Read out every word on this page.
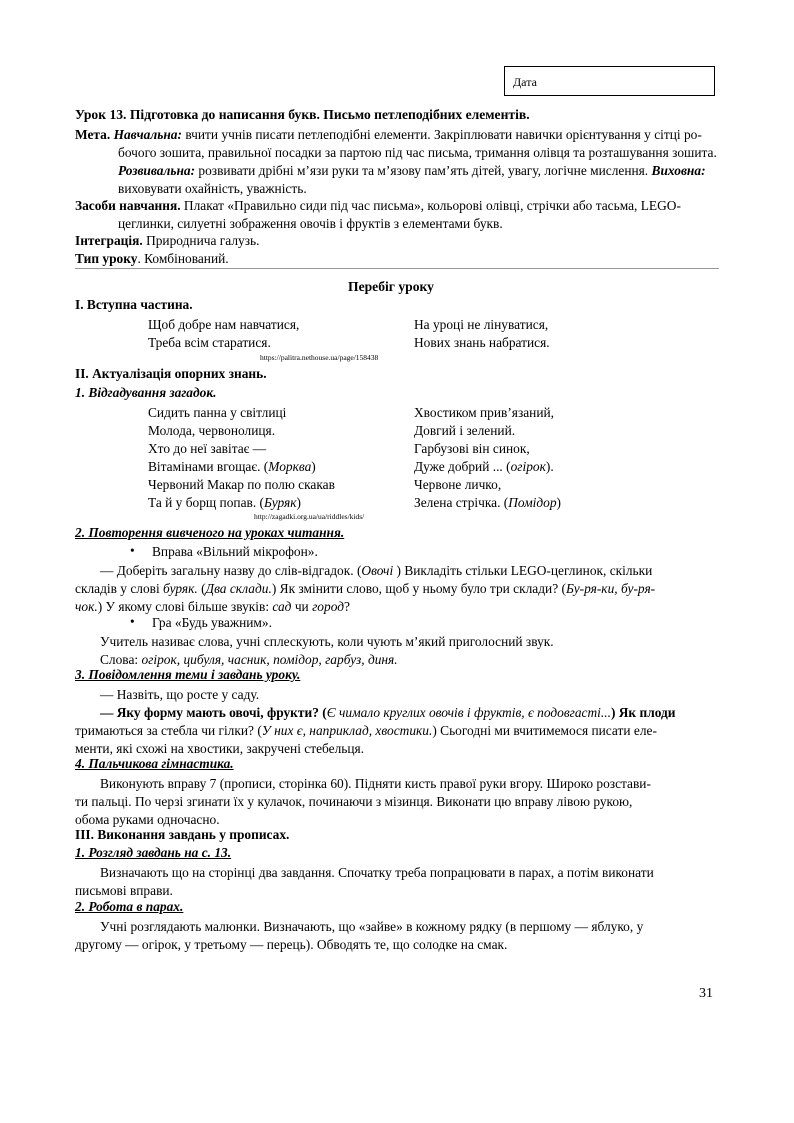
Дата
Урок 13. Підготовка до написання букв. Письмо петлеподібних елементів.
Мета. Навчальна: вчити учнів писати петлеподібні елементи. Закріплювати навички орієнтування у сітці ро-
бочого зошита, правильної посадки за партою під час письма, тримання олівця та розташування зошита.
Розвивальна: розвивати дрібні м’язи руки та м’язову пам’ять дітей, увагу, логічне мислення. Виховна:
виховувати охайність, уважність.
Засоби навчання. Плакат «Правильно сиди під час письма», кольорові олівці, стрічки або тасьма, LEGO-
цеглинки, силуетні зображення овочів і фруктів з елементами букв.
Інтеграція. Природнича галузь.
Тип уроку. Комбінований.
Перебіг уроку
I. Вступна частина.
Щоб добре нам навчатися,
Треба всім старатися.
На уроці не лінуватися,
Нових знань набратися.
https://palitra.nethouse.ua/page/158438
II. Актуалізація опорних знань.
1. Відгадування загадок.
Сидить панна у світлиці
Молода, червонолиця.
Хто до неї завітає —
Вітамінами вгощає. (Морква)
Червоний Макар по полю скакав
Та й у борщ попав. (Буряк)
Хвостиком прив’язаний,
Довгий і зелений.
Гарбузові він синок,
Дуже добрий ... (огірок).
Червоне личко,
Зелена стрічка. (Помідор)
http://zagadki.org.ua/ua/riddles/kids/
2. Повторення вивченого на уроках читання.
• Вправа «Вільний мікрофон».
— Доберіть загальну назву до слів-відгадок. (Овочі ) Викладіть стільки LEGO-цеглинок, скільки
складів у слові буряк. (Два склади.) Як змінити слово, щоб у ньому було три склади? (Бу-ря-ки, бу-ря-
чок.) У якому слові більше звуків: сад чи город?
• Гра «Будь уважним».
Учитель називає слова, учні сплескують, коли чують м’який приголосний звук.
Слова: огірок, цибуля, часник, помідор, гарбуз, диня.
3. Повідомлення теми і завдань уроку.
— Назвіть, що росте у саду.
— Яку форму мають овочі, фрукти? (Є чимало круглих овочів і фруктів, є подовгасті...) Як плоди
тримаються за стебла чи гілки? (У них є, наприклад, хвостики.) Сьогодні ми вчитимемося писати еле-
менти, які схожі на хвостики, закручені стебельця.
4. Пальчикова гімнастика.
Виконують вправу 7 (прописи, сторінка 60). Підняти кисть правої руки вгору. Широко розстави-
ти пальці. По черзі згинати їх у кулачок, починаючи з мізинця. Виконати цю вправу лівою рукою,
обома руками одночасно.
III. Виконання завдань у прописах.
1. Розгляд завдань на с. 13.
Визначають що на сторінці два завдання. Спочатку треба попрацювати в парах, а потім виконати
письмові вправи.
2. Робота в парах.
Учні розглядають малюнки. Визначають, що «зайве» в кожному рядку (в першому — яблуко, у
другому — огірок, у третьому — перець). Обводять те, що солодке на смак.
31
